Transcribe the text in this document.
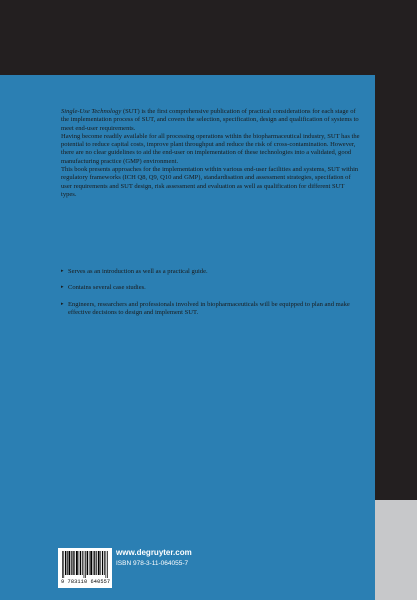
Single-Use Technology (SUT) is the first comprehensive publication of practical considerations for each stage of the implementation process of SUT, and covers the selection, specification, design and qualification of systems to meet end-user requirements.

Having become readily available for all processing operations within the biopharmaceutical industry, SUT has the potential to reduce capital costs, improve plant throughput and reduce the risk of cross-contamination. However, there are no clear guidelines to aid the end-user on implementation of these technologies into a validated, good manufacturing practice (GMP) environment.

This book presents approaches for the implementation within various end-user facilities and systems, SUT within regulatory frameworks (ICH Q8, Q9, Q10 and GMP), standardisation and assessment strategies, specifation of user requirements and SUT design, risk assessment and evaluation as well as qualification for different SUT types.

▸ Serves as an introduction as well as a practical guide.
▸ Contains several case studies.
▸ Engineers, researchers and professionals involved in biopharmaceuticals will be equipped to plan and make effective decisions to design and implement SUT.
9 783110 640557
www.degruyter.com
ISBN 978-3-11-064055-7
